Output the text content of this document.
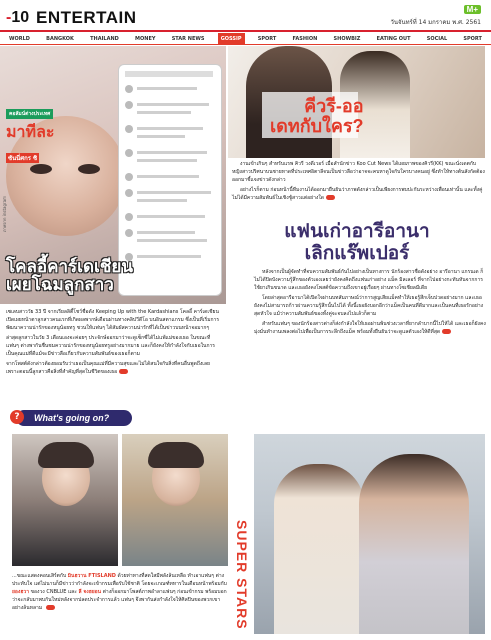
-10 ENTERTAIN	M+
วันจันทร์ที่ 14 มกราคม พ.ศ. 2561
WORLD	BANGKOK	THAILAND	MONEY	STAR NEWS	GOSSIP	SPORT	FASHION	SHOWBIZ	EATING OUT	SOCIAL	SPORT
คอลัมน์ต่างประเทศ
มาทีละ
ซันนี่ศกร ซิ
ภาพจาก instagram
โคลอี้คาร์เดเชียน
เผยโฉมลูกสาว

เซเลบสาววัย 33 ปี จากเรียลลิตี้โชว์ชื่อดัง Keeping Up with the Kardashians โคลอี้ คาร์เดเชียน เปิดเผยหน้าตาลูกสาวคนแรกที่เกิดผลพากษ์เดือนผ่านทางคลิปวีดีโอ บนอินสตาแกรม ซึ่งเป็นที่เริ่มการพัฒนาความน่ารักของหนูน้อยทรู ชวนให้แฟนๆ ได้สัมผัสความน่ารักที่ได้เป็นข่าวบนหน้าจอมากๆ

ล่าสุดลูกสาวในวัย 3 เดือนเองจะค่อยๆ ประจักษ์ออกมาว่าจะดูเซ็กซี่ได้ไม่แพ้แม่ของเธอ ในขณะที่แฟนๆ ต่างพากันชื่นชมความน่ารักของหนูน้อยทรูอย่างมากมาย และก็ยังคงให้กำลังใจกับเธอในการเป็นคุณแม่ที่ดีแม้จะมีข่าวลือเกี่ยวกับความสัมพันธ์ของเธอก็ตาม

จากโพสต์ดังกล่าวต้องยอมรับว่าเธอเป็นคุณแม่ที่มีความสุขและไม่ได้สนใจกับสิ่งที่คนอื่นพูดถึงเลย เพราะตอนนี้ลูกสาวคือสิ่งที่สำคัญที่สุดในชีวิตของเธอ

คีวรี-ออ
เดทกับใคร?

งานเข้าเกินๆ สำหรับแรพ คิวรี วงดีเวอร์ เมื่อสำนักข่าว Koo Cut News ได้เผยภาพของคิวรี(KK) ขณะนั่งเดตกับหญิงสาวปริศนาบนชายหาดที่ประเทศอิตาลีจนเป็นข่าวลือว่าอาจจะคบหาดูใจกับใครบางคนอยู่ ซึ่งทำให้ทางต้นสังกัดต้องออกมาชี้แจงข่าวดังกล่าว

อย่างไรก็ตาม ก่อนหน้านี้ทีมงานได้ออกมายืนยันว่าภาพดังกล่าวเป็นเพียงการพบปะกันระหว่างเพื่อนเท่านั้น และทั้งคู่ไม่ได้มีความสัมพันธ์ในเชิงชู้สาวแต่อย่างใด

แฟนเก่าอารีอานา
เลิกแร๊พเปอร์

หลังจากเป็นผู้จัดทำที่จบความสัมพันธ์กันไปอย่างเป็นทางการ นักร้องสาวชื่อดังอย่าง อารีอานา แกรนเด ก็ไม่ได้ปิดบังความรู้สึกของตัวเองเลยว่ายังคงคิดถึงแฟนเก่าอย่าง แม็ค มิลเลอร์ ที่จากไปอย่างกะทันหันจากการใช้ยาเกินขนาด และเธอยังคงโพสต์ข้อความถึงเขาอยู่เรื่อยๆ ผ่านทางโซเชียลมีเดีย

โดยล่าสุดอารีอานาได้เปิดใจผ่านบทสัมภาษณ์ว่าการสูญเสียแม็คทำให้เธอรู้สึกเจ็บปวดอย่างมาก และเธอยังคงไม่สามารถก้าวผ่านความรู้สึกนั้นไปได้ ทั้งนี้เธอยังบอกอีกว่าแม็คเป็นคนที่ดีมากและเป็นคนที่เธอรักอย่างสุดหัวใจ แม้ว่าความสัมพันธ์ของทั้งคู่จะจบลงไปแล้วก็ตาม

สำหรับแฟนๆ ของนักร้องสาวต่างก็ส่งกำลังใจให้เธอผ่านพ้นช่วงเวลาที่ยากลำบากนี้ไปให้ได้ และเธอก็ยังคงมุ่งมั่นทำงานเพลงต่อไปเพื่อเป็นการระลึกถึงแม็ค พร้อมทั้งยืนยันว่าจะดูแลตัวเองให้ดีที่สุด

SUPER STARS
What's going on?
?
...ขณะแสดงคอนเสิร์ตกับ มินฮวาน FTISLAND ด้วยท่าทางที่สดใสมีพลังล้นเหลือ ทำเอาแฟนๆ ต่างประทับใจ แต่ไม่นานก็มีข่าวว่ากำลังจะเข้ากรมเพื่อรับใช้ชาติ โดยจะเกณฑ์ทหารในเดือนหน้าพร้อมกับ ยองฮวา ของวง CNBLUE และ ลี จงฮยอน ต่างก็ออกมาโพสต์ภาพอำลาแฟนๆ ก่อนเข้ากรม พร้อมบอกว่าจะกลับมาพบกันใหม่หลังจากปลดประจำการแล้ว แฟนๆ จึงพากันส่งกำลังใจให้ศิลปินของพวกเขาอย่างล้นหลาม
